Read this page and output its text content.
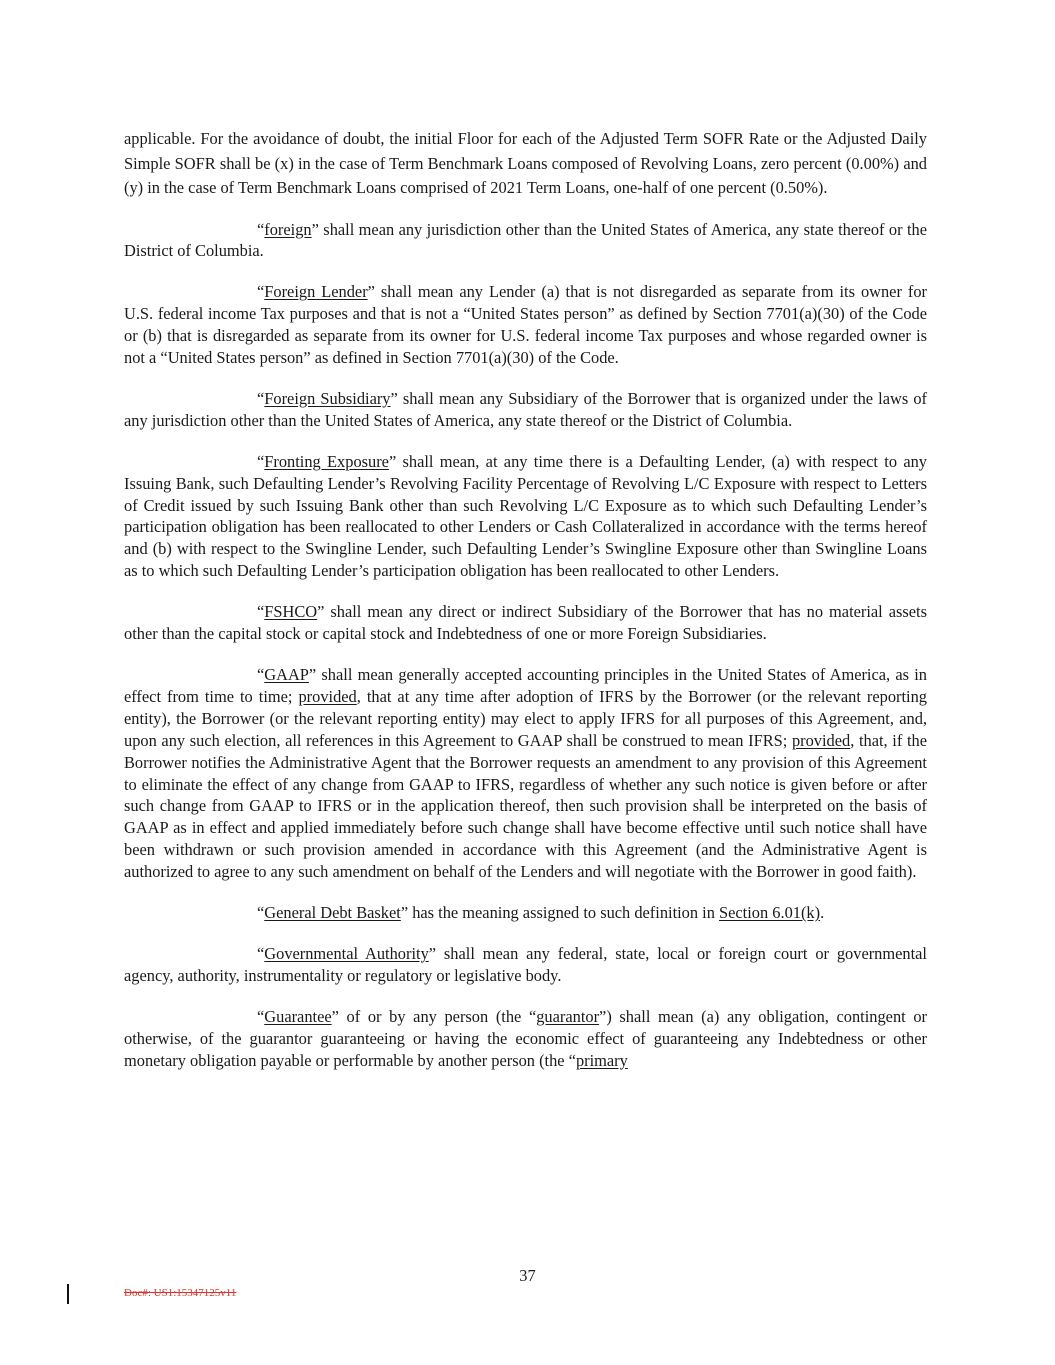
applicable. For the avoidance of doubt, the initial Floor for each of the Adjusted Term SOFR Rate or the Adjusted Daily Simple SOFR shall be (x) in the case of Term Benchmark Loans composed of Revolving Loans, zero percent (0.00%) and (y) in the case of Term Benchmark Loans comprised of 2021 Term Loans, one-half of one percent (0.50%).

“foreign” shall mean any jurisdiction other than the United States of America, any state thereof or the District of Columbia.

“Foreign Lender” shall mean any Lender (a) that is not disregarded as separate from its owner for U.S. federal income Tax purposes and that is not a “United States person” as defined by Section 7701(a)(30) of the Code or (b) that is disregarded as separate from its owner for U.S. federal income Tax purposes and whose regarded owner is not a “United States person” as defined in Section 7701(a)(30) of the Code.

“Foreign Subsidiary” shall mean any Subsidiary of the Borrower that is organized under the laws of any jurisdiction other than the United States of America, any state thereof or the District of Columbia.

“Fronting Exposure” shall mean, at any time there is a Defaulting Lender, (a) with respect to any Issuing Bank, such Defaulting Lender’s Revolving Facility Percentage of Revolving L/C Exposure with respect to Letters of Credit issued by such Issuing Bank other than such Revolving L/C Exposure as to which such Defaulting Lender’s participation obligation has been reallocated to other Lenders or Cash Collateralized in accordance with the terms hereof and (b) with respect to the Swingline Lender, such Defaulting Lender’s Swingline Exposure other than Swingline Loans as to which such Defaulting Lender’s participation obligation has been reallocated to other Lenders.

“FSHCO” shall mean any direct or indirect Subsidiary of the Borrower that has no material assets other than the capital stock or capital stock and Indebtedness of one or more Foreign Subsidiaries.

“GAAP” shall mean generally accepted accounting principles in the United States of America, as in effect from time to time; provided, that at any time after adoption of IFRS by the Borrower (or the relevant reporting entity), the Borrower (or the relevant reporting entity) may elect to apply IFRS for all purposes of this Agreement, and, upon any such election, all references in this Agreement to GAAP shall be construed to mean IFRS; provided, that, if the Borrower notifies the Administrative Agent that the Borrower requests an amendment to any provision of this Agreement to eliminate the effect of any change from GAAP to IFRS, regardless of whether any such notice is given before or after such change from GAAP to IFRS or in the application thereof, then such provision shall be interpreted on the basis of GAAP as in effect and applied immediately before such change shall have become effective until such notice shall have been withdrawn or such provision amended in accordance with this Agreement (and the Administrative Agent is authorized to agree to any such amendment on behalf of the Lenders and will negotiate with the Borrower in good faith).

“General Debt Basket” has the meaning assigned to such definition in Section 6.01(k).

“Governmental Authority” shall mean any federal, state, local or foreign court or governmental agency, authority, instrumentality or regulatory or legislative body.

“Guarantee” of or by any person (the “guarantor”) shall mean (a) any obligation, contingent or otherwise, of the guarantor guaranteeing or having the economic effect of guaranteeing any Indebtedness or other monetary obligation payable or performable by another person (the “primary

37
Doc#: US1:15347125v11
